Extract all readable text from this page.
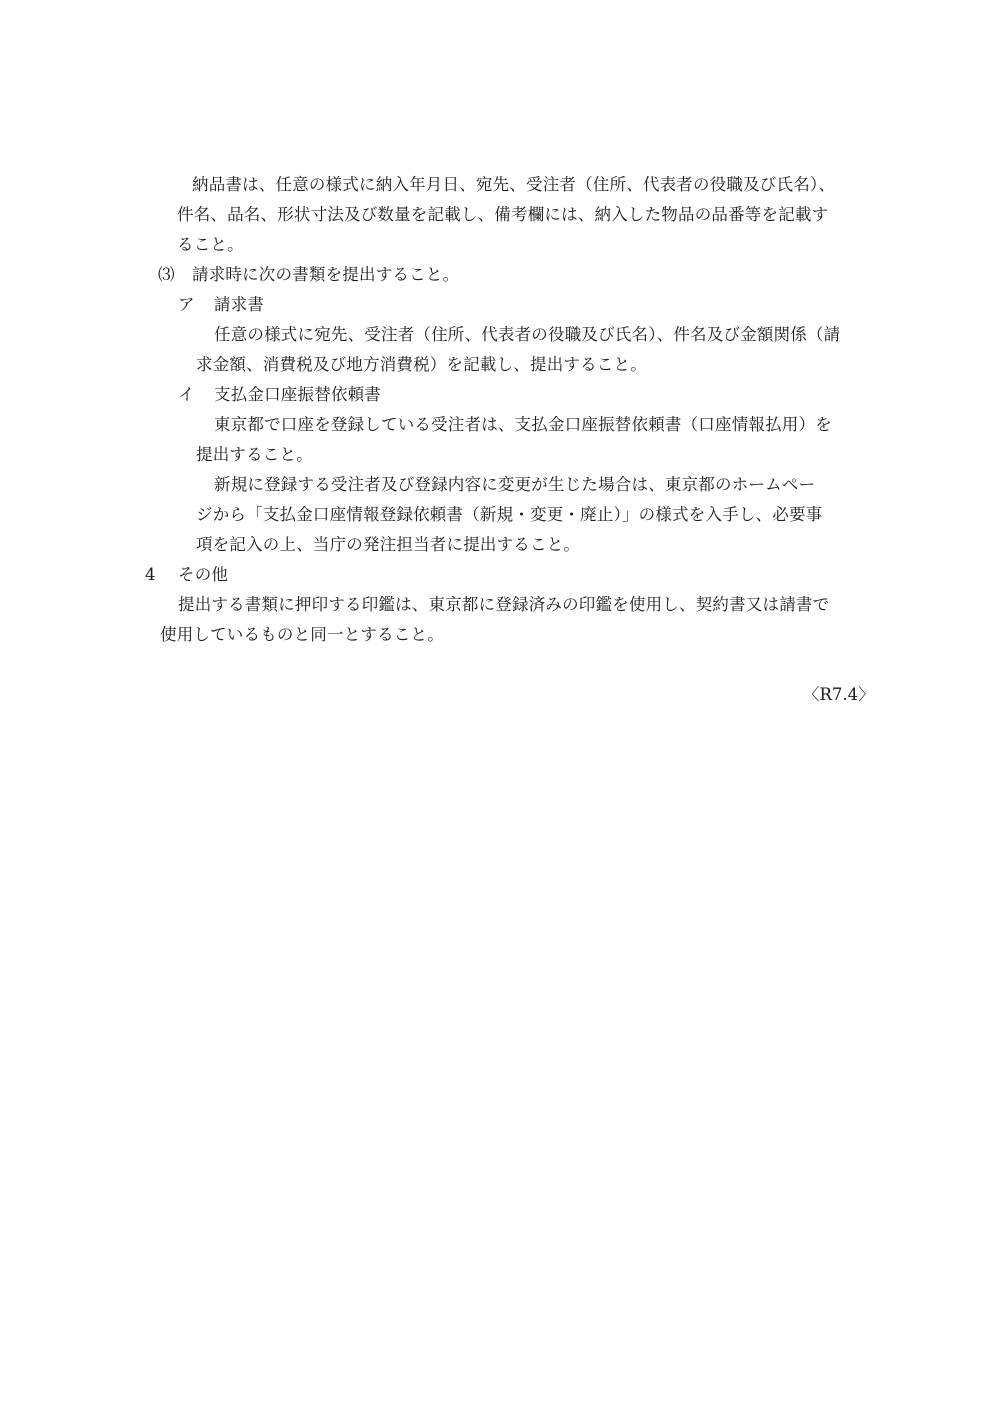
納品書は、任意の様式に納入年月日、宛先、受注者（住所、代表者の役職及び氏名）、
件名、品名、形状寸法及び数量を記載し、備考欄には、納入した物品の品番等を記載す
ること。
⑶ 請求時に次の書類を提出すること。
ア 請求書
任意の様式に宛先、受注者（住所、代表者の役職及び氏名）、件名及び金額関係（請
求金額、消費税及び地方消費税）を記載し、提出すること。
イ 支払金口座振替依頼書
東京都で口座を登録している受注者は、支払金口座振替依頼書（口座情報払用）を
提出すること。
新規に登録する受注者及び登録内容に変更が生じた場合は、東京都のホームペー
ジから「支払金口座情報登録依頼書（新規・変更・廃止）」の様式を入手し、必要事
項を記入の上、当庁の発注担当者に提出すること。
4 その他
提出する書類に押印する印鑑は、東京都に登録済みの印鑑を使用し、契約書又は請書で
使用しているものと同一とすること。
〈R7.4〉
